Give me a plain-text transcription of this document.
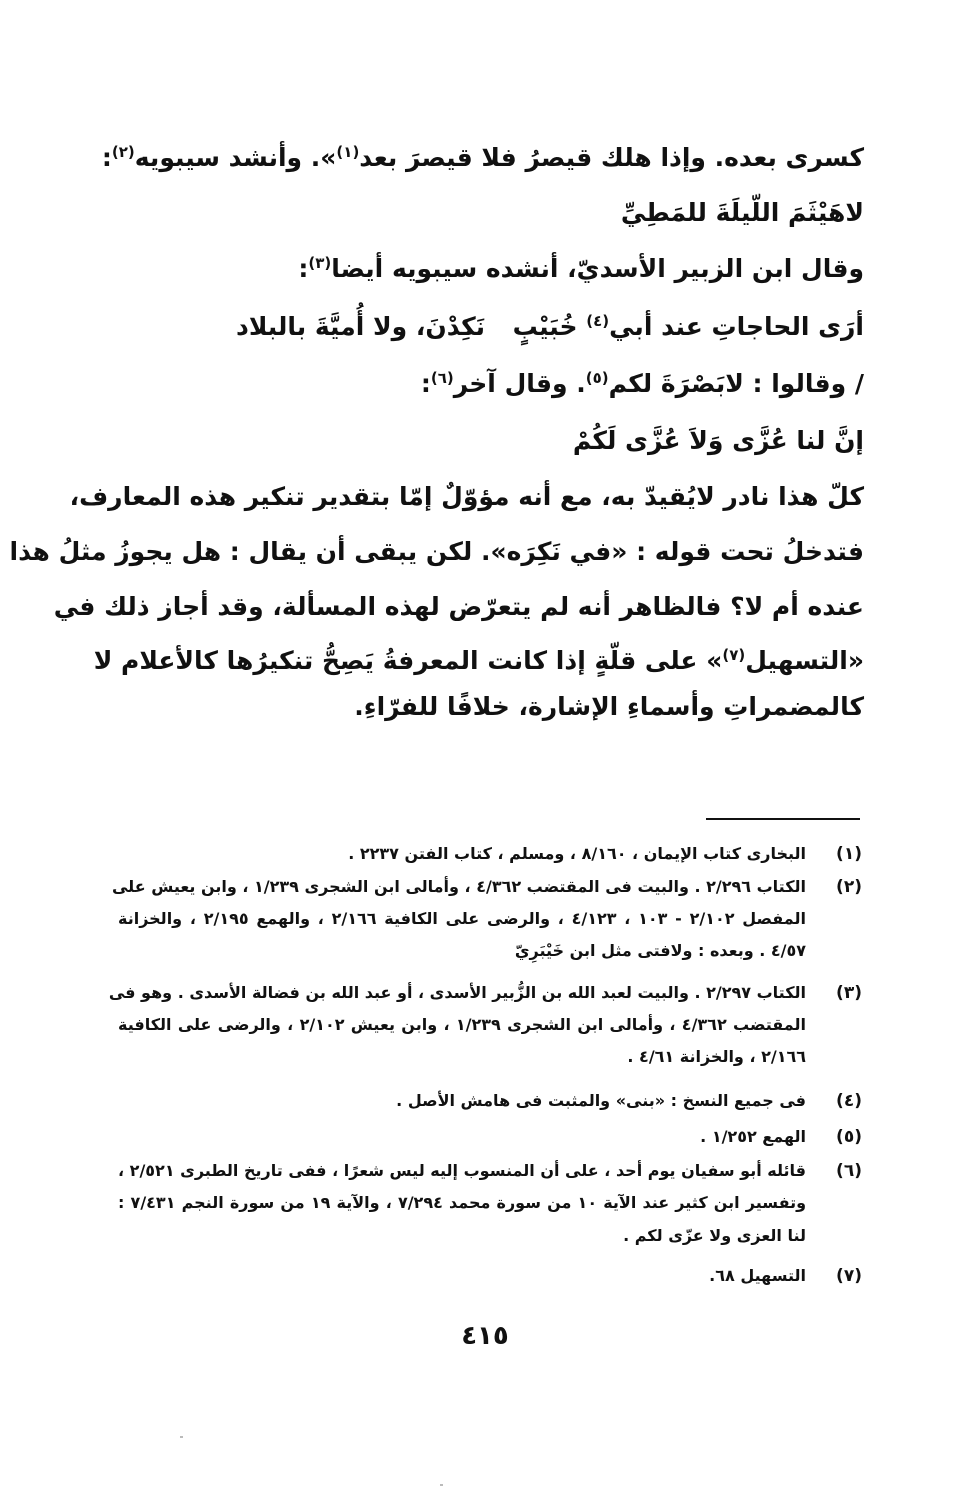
كسرى بعده. وإذا هلك قيصرُ فلا قيصرَ بعد$^{(١)}$». وأنشد سيبويه$^{(٢)}$:
لاهَيْثَمَ اللّيلَةَ للمَطِيِّ
وقال ابن الزبير الأسديّ، أنشده سيبويه أيضا$^{(٣)}$:
أرَى الحاجاتِ عند أبي$^{(٤)}$ خُبَيْبٍ
نَكِدْنَ، ولا أُميَّةَ بالبلاد
/ وقالوا : لابَصْرَةَ لكم$^{(٥)}$. وقال آخر$^{(٦)}$:
إنَّ لنا عُزَّى وَلاَ عُزَّى لَكُمْ
كلّ هذا نادر لايُقيدّ به، مع أنه مؤوّلٌ إمّا بتقدير تنكير هذه المعارف،
فتدخلُ تحت قوله : «في نَكِرَه». لكن يبقى أن يقال : هل يجوزُ مثلُ هذا
عنده أم لا؟ فالظاهر أنه لم يتعرّض لهذه المسألة، وقد أجاز ذلك في
«التسهيل$^{(٧)}$» على قلّةٍ إذا كانت المعرفةُ يَصِحُّ تنكيرُها كالأعلام لا
كالمضمراتِ وأسماءِ الإشارة، خلافًا للفرّاءِ.
(١)
البخارى كتاب الإيمان ، ٨/١٦٠ ، ومسلم ، كتاب الفتن ٢٢٣٧ .
(٢)
الكتاب ٢/٢٩٦ . والبيت فى المقتضب ٤/٣٦٢ ، وأمالى ابن الشجرى ١/٢٣٩ ، وابن يعيش على
المفصل ٢/١٠٢ - ١٠٣ ، ٤/١٢٣ ، والرضى على الكافية ٢/١٦٦ ، والهمع ٢/١٩٥ ، والخزانة
٤/٥٧ . وبعده : ولافتى مثل ابن خَيْبَرِيّ
(٣)
الكتاب ٢/٢٩٧ . والبيت لعبد الله بن الزُّبير الأسدى ، أو عبد الله بن فضالة الأسدى . وهو فى
المقتضب ٤/٣٦٢ ، وأمالى ابن الشجرى ١/٢٣٩ ، وابن يعيش ٢/١٠٢ ، والرضى على الكافية
٢/١٦٦ ، والخزانة ٤/٦١ .
(٤)
فى جميع النسخ : «بنى» والمثبت فى هامش الأصل .
(٥)
الهمع ١/٢٥٢ .
(٦)
قائله أبو سفيان يوم أحد ، على أن المنسوب إليه ليس شعرًا ، ففى تاريخ الطبرى ٢/٥٢١ ،
وتفسير ابن كثير عند الآية ١٠ من سورة محمد ٧/٢٩٤ ، والآية ١٩ من سورة النجم ٧/٤٣١ :
لنا العزى ولا عزّى لكم .
(٧)
التسهيل ٦٨.
٤١٥
